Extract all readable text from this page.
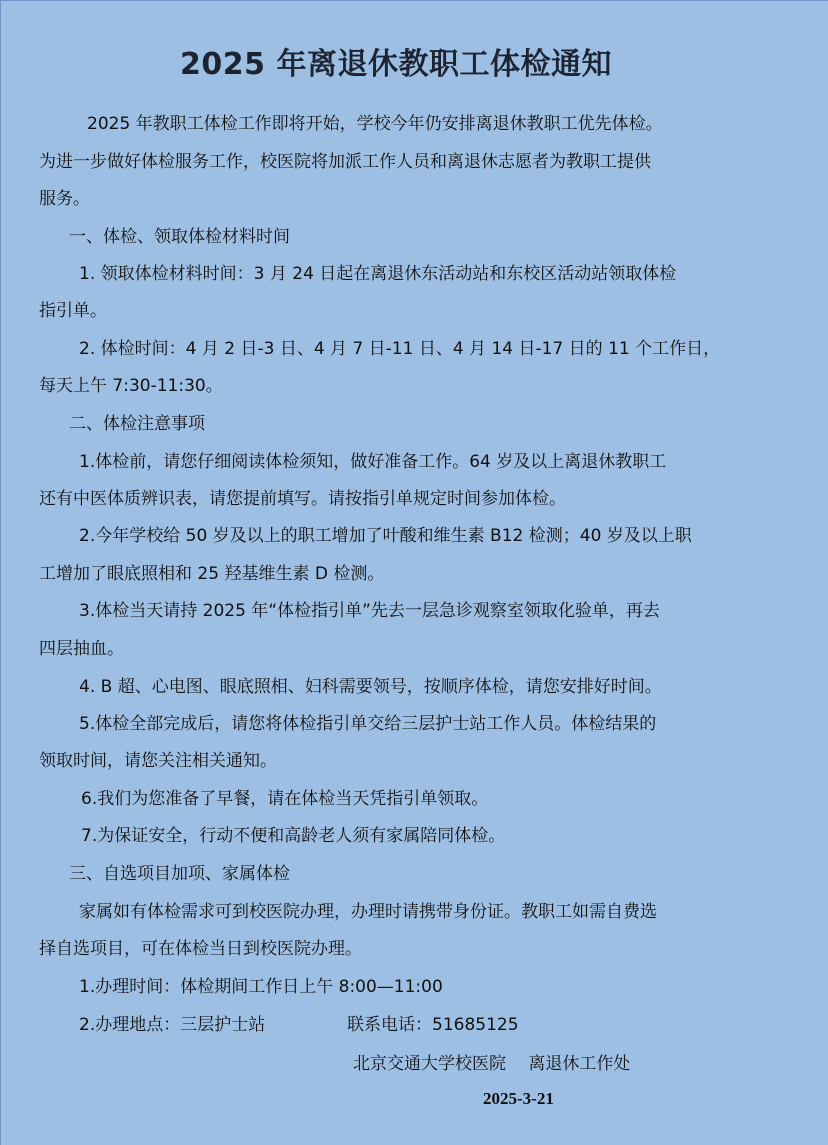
2025 年离退休教职工体检通知
2025 年教职工体检工作即将开始，学校今年仍安排离退休教职工优先体检。
为进一步做好体检服务工作，校医院将加派工作人员和离退休志愿者为教职工提供
服务。
一、体检、领取体检材料时间
1. 领取体检材料时间：3 月 24 日起在离退休东活动站和东校区活动站领取体检
指引单。
2. 体检时间：4 月 2 日-3 日、4 月 7 日-11 日、4 月 14 日-17 日的 11 个工作日，
每天上午 7:30-11:30。
二、体检注意事项
1.体检前，请您仔细阅读体检须知，做好准备工作。64 岁及以上离退休教职工
还有中医体质辨识表，请您提前填写。请按指引单规定时间参加体检。
2.今年学校给 50 岁及以上的职工增加了叶酸和维生素 B12 检测；40 岁及以上职
工增加了眼底照相和 25 羟基维生素 D 检测。
3.体检当天请持 2025 年“体检指引单”先去一层急诊观察室领取化验单，再去
四层抽血。
4. B 超、心电图、眼底照相、妇科需要领号，按顺序体检，请您安排好时间。
5.体检全部完成后，请您将体检指引单交给三层护士站工作人员。体检结果的
领取时间，请您关注相关通知。
6.我们为您准备了早餐，请在体检当天凭指引单领取。
7.为保证安全，行动不便和高龄老人须有家属陪同体检。
三、自选项目加项、家属体检
家属如有体检需求可到校医院办理，办理时请携带身份证。教职工如需自费选
择自选项目，可在体检当日到校医院办理。
1.办理时间：体检期间工作日上午 8:00—11:00
2.办理地点：三层护士站	联系电话：51685125
北京交通大学校医院　 离退休工作处
2025-3-21
